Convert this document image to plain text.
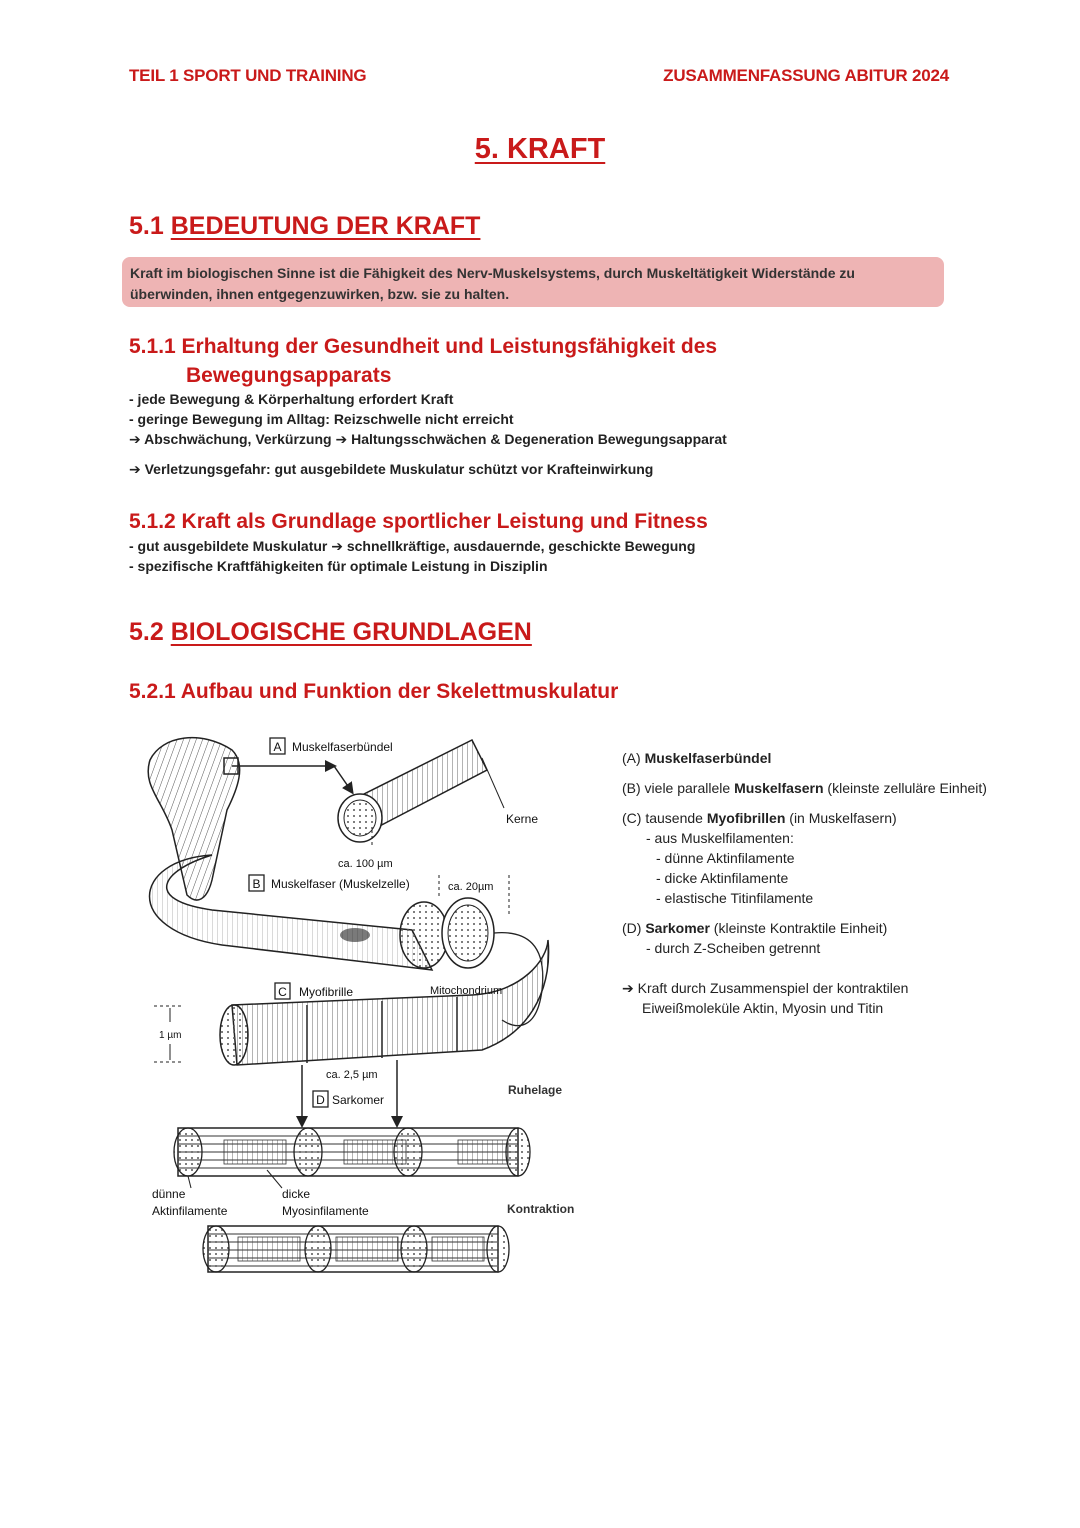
TEIL 1 SPORT UND TRAINING	ZUSAMMENFASSUNG ABITUR 2024
5. KRAFT
5.1 BEDEUTUNG DER KRAFT
Kraft im biologischen Sinne ist die Fähigkeit des Nerv-Muskelsystems, durch Muskeltätigkeit Widerstände zu
überwinden, ihnen entgegenzuwirken, bzw. sie zu halten.
5.1.1 Erhaltung der Gesundheit und Leistungsfähigkeit des
Bewegungsapparats
- jede Bewegung & Körperhaltung erfordert Kraft
- geringe Bewegung im Alltag: Reizschwelle nicht erreicht
➔ Abschwächung, Verkürzung ➔ Haltungsschwächen & Degeneration Bewegungsapparat
➔ Verletzungsgefahr: gut ausgebildete Muskulatur schützt vor Krafteinwirkung
5.1.2 Kraft als Grundlage sportlicher Leistung und Fitness
- gut ausgebildete Muskulatur ➔ schnellkräftige, ausdauernde, geschickte Bewegung
- spezifische Kraftfähigkeiten für optimale Leistung in Disziplin
5.2 BIOLOGISCHE GRUNDLAGEN
5.2.1 Aufbau und Funktion der Skelettmuskulatur
A Muskelfaserbündel
Kerne
ca. 100 µm
B Muskelfaser (Muskelzelle)	ca. 20µm
C Myofibrille	Mitochondrium
1 µm
ca. 2,5 µm
D Sarkomer
Ruhelage
dünne
Aktinfilamente
dicke
Myosinfilamente	Kontraktion
(A) Muskelfaserbündel
(B) viele parallele Muskelfasern (kleinste zelluläre Einheit)
(C) tausende Myofibrillen (in Muskelfasern)
- aus Muskelfilamenten:
- dünne Aktinfilamente
- dicke Aktinfilamente
- elastische Titinfilamente
(D) Sarkomer (kleinste Kontraktile Einheit)
- durch Z-Scheiben getrennt
➔ Kraft durch Zusammenspiel der kontraktilen
Eiweißmoleküle Aktin, Myosin und Titin
